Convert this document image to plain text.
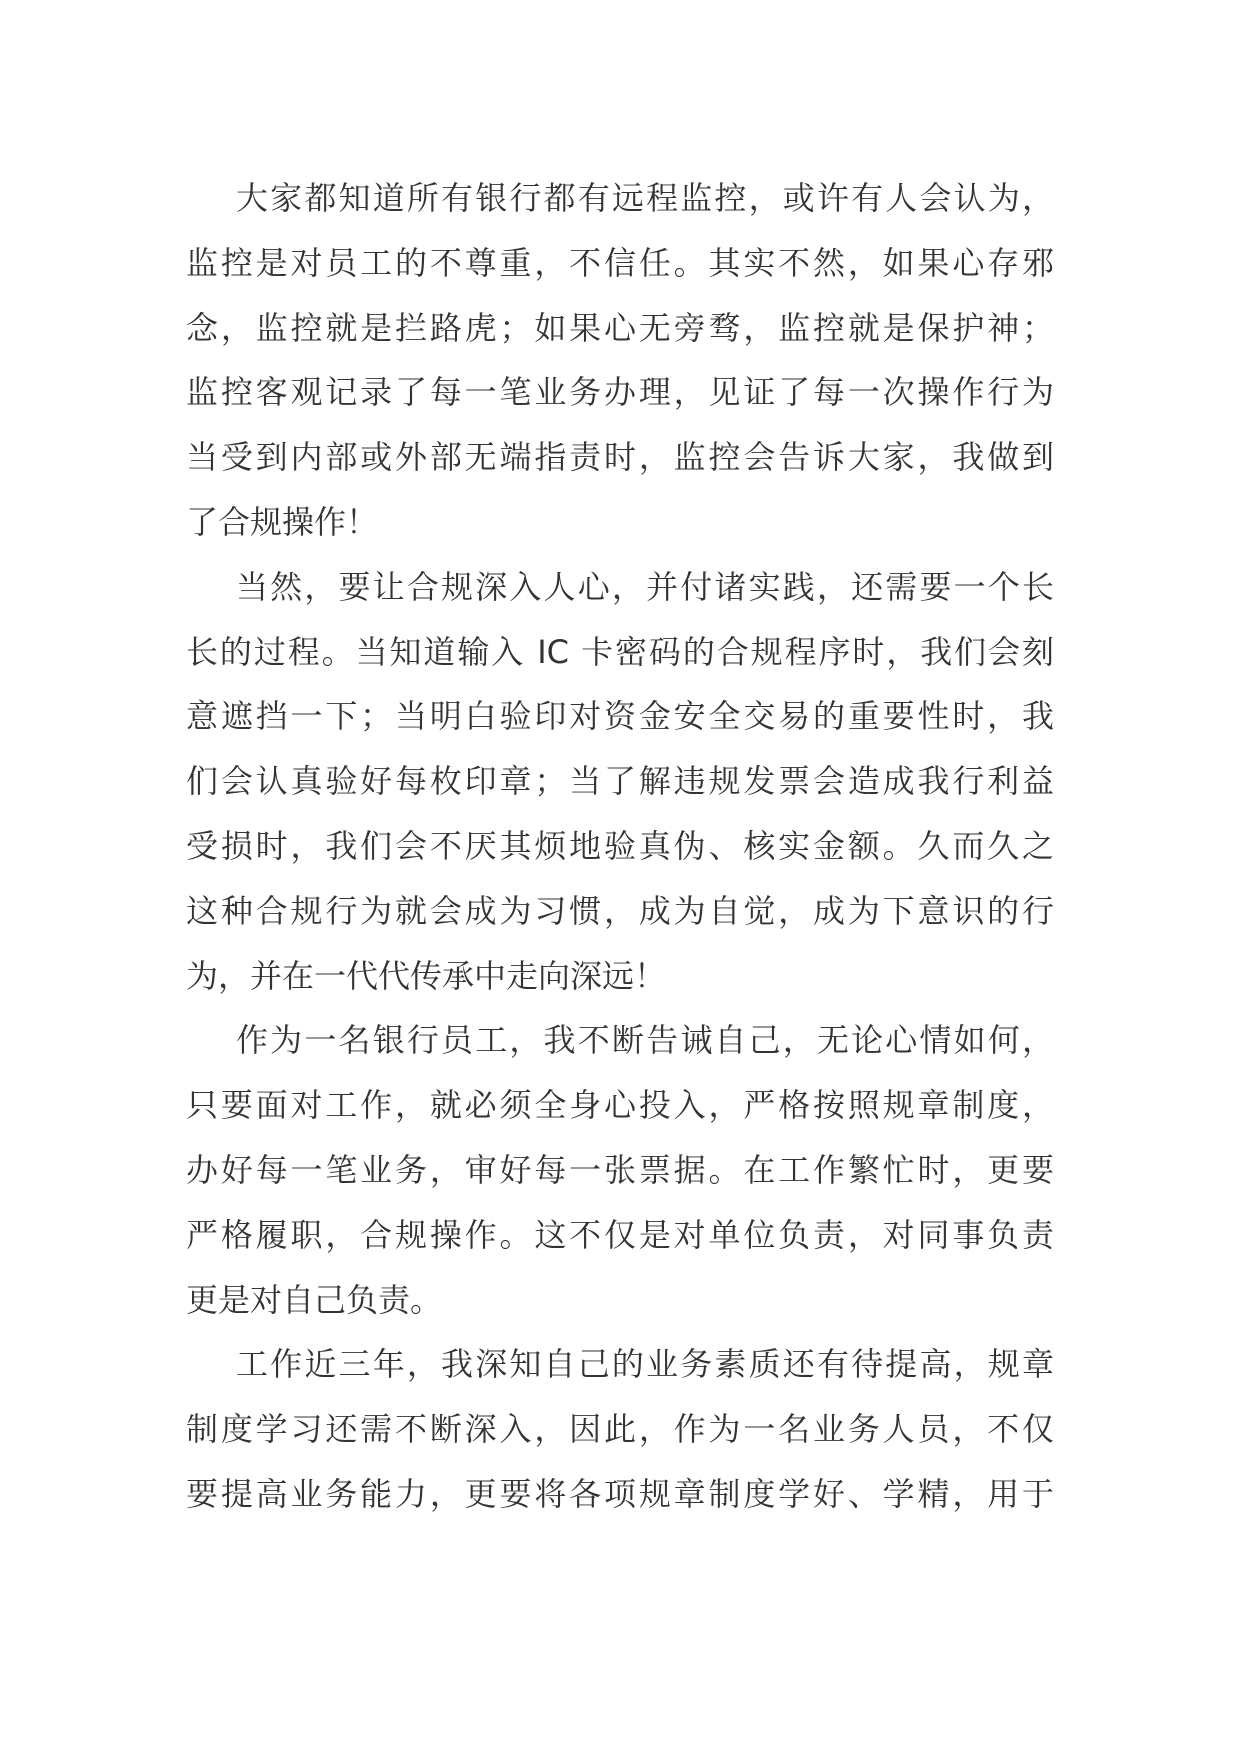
大家都知道所有银行都有远程监控，或许有人会认为，
监控是对员工的不尊重，不信任。其实不然，如果心存邪
念，监控就是拦路虎；如果心无旁骛，监控就是保护神；
监控客观记录了每一笔业务办理，见证了每一次操作行为
当受到内部或外部无端指责时，监控会告诉大家，我做到
了合规操作！
当然，要让合规深入人心，并付诸实践，还需要一个长
长的过程。当知道输入 IC 卡密码的合规程序时，我们会刻
意遮挡一下；当明白验印对资金安全交易的重要性时，我
们会认真验好每枚印章；当了解违规发票会造成我行利益
受损时，我们会不厌其烦地验真伪、核实金额。久而久之
这种合规行为就会成为习惯，成为自觉，成为下意识的行
为，并在一代代传承中走向深远！
作为一名银行员工，我不断告诫自己，无论心情如何，
只要面对工作，就必须全身心投入，严格按照规章制度，
办好每一笔业务，审好每一张票据。在工作繁忙时，更要
严格履职，合规操作。这不仅是对单位负责，对同事负责
更是对自己负责。
工作近三年，我深知自己的业务素质还有待提高，规章
制度学习还需不断深入，因此，作为一名业务人员，不仅
要提高业务能力，更要将各项规章制度学好、学精，用于
